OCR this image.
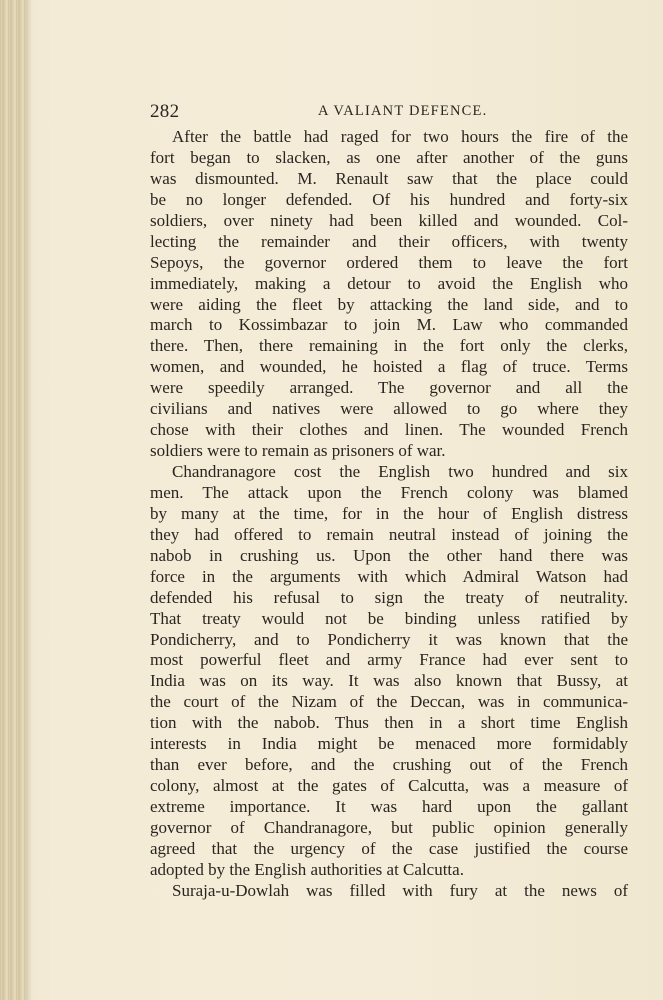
282	A VALIANT DEFENCE.
After the battle had raged for two hours the fire of the
fort began to slacken, as one after another of the guns
was dismounted. M. Renault saw that the place could
be no longer defended. Of his hundred and forty-six
soldiers, over ninety had been killed and wounded. Col-
lecting the remainder and their officers, with twenty
Sepoys, the governor ordered them to leave the fort
immediately, making a detour to avoid the English who
were aiding the fleet by attacking the land side, and to
march to Kossimbazar to join M. Law who commanded
there. Then, there remaining in the fort only the clerks,
women, and wounded, he hoisted a flag of truce. Terms
were speedily arranged. The governor and all the
civilians and natives were allowed to go where they
chose with their clothes and linen. The wounded French
soldiers were to remain as prisoners of war.
Chandranagore cost the English two hundred and six
men. The attack upon the French colony was blamed
by many at the time, for in the hour of English distress
they had offered to remain neutral instead of joining the
nabob in crushing us. Upon the other hand there was
force in the arguments with which Admiral Watson had
defended his refusal to sign the treaty of neutrality.
That treaty would not be binding unless ratified by
Pondicherry, and to Pondicherry it was known that the
most powerful fleet and army France had ever sent to
India was on its way. It was also known that Bussy, at
the court of the Nizam of the Deccan, was in communica-
tion with the nabob. Thus then in a short time English
interests in India might be menaced more formidably
than ever before, and the crushing out of the French
colony, almost at the gates of Calcutta, was a measure of
extreme importance. It was hard upon the gallant
governor of Chandranagore, but public opinion generally
agreed that the urgency of the case justified the course
adopted by the English authorities at Calcutta.
Suraja-u-Dowlah was filled with fury at the news of
